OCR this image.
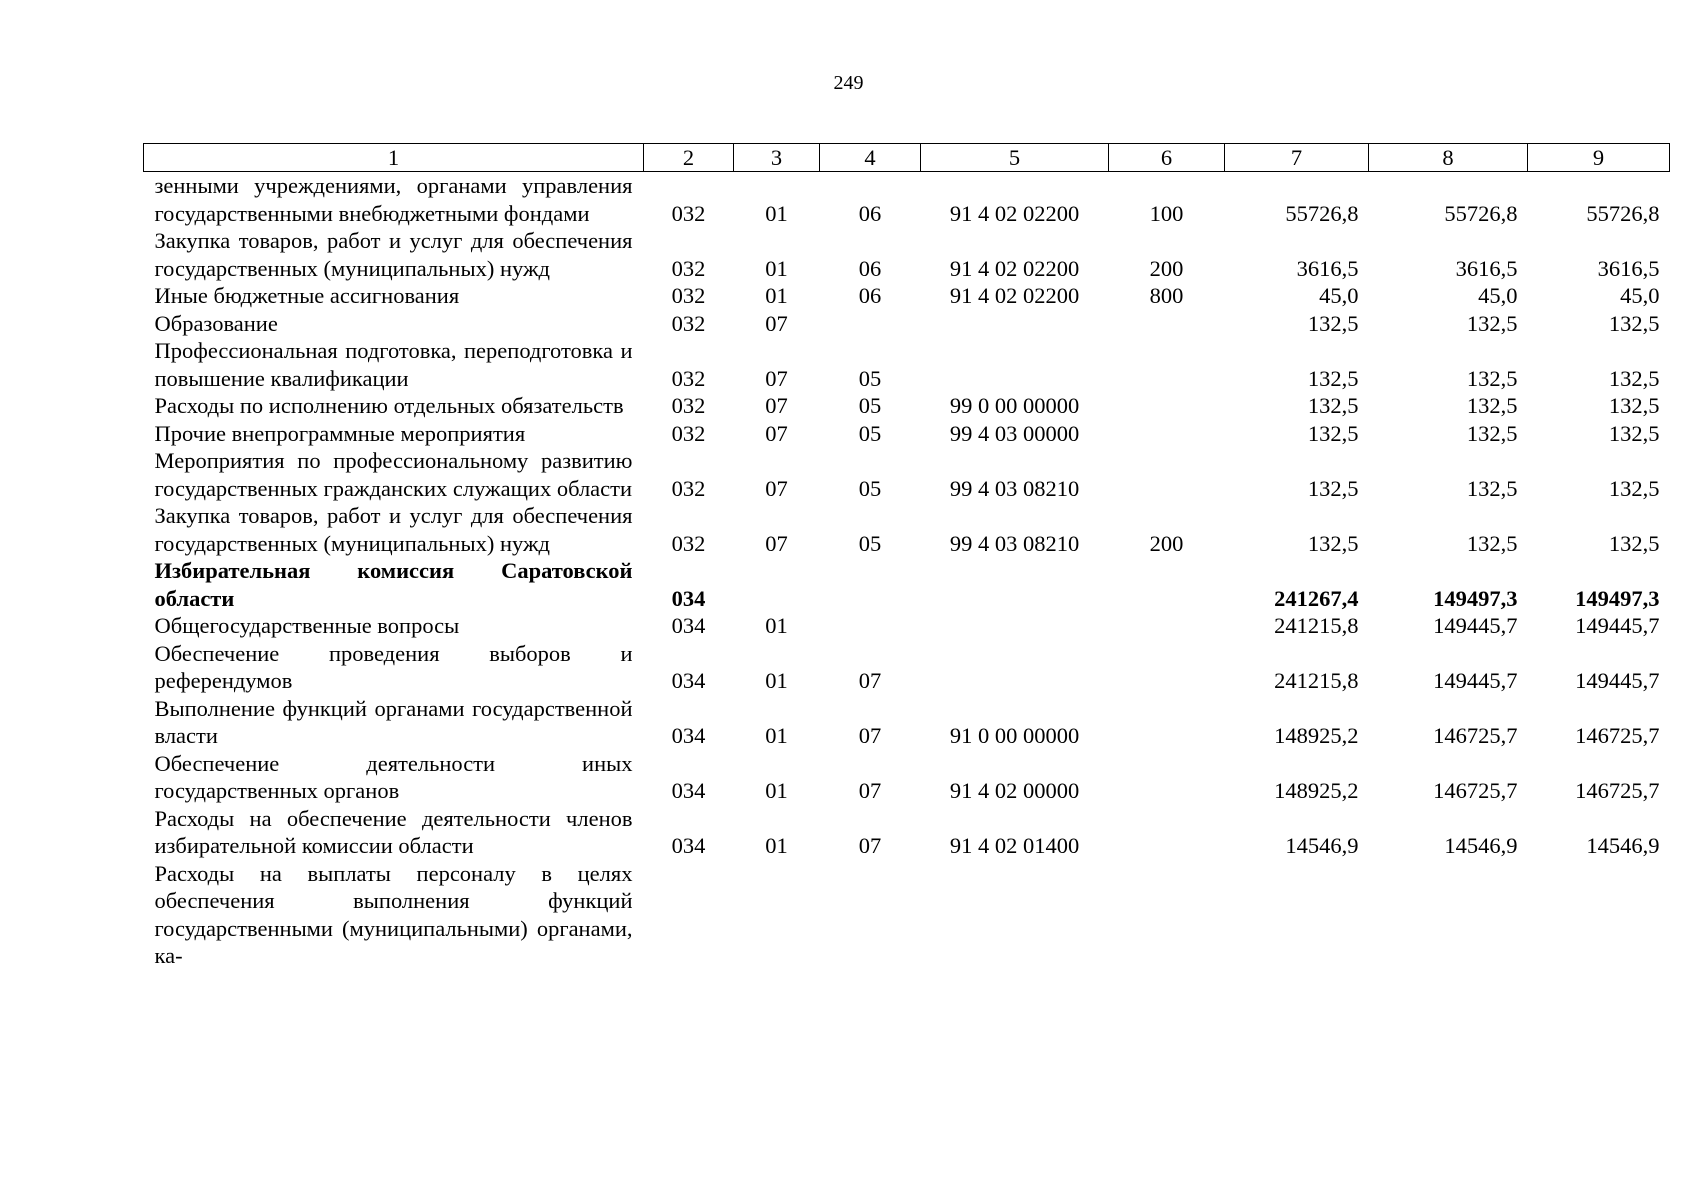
249
1	2	3	4	5	6	7	8	9
зенными учреждениями, органами управления государственными внебюджетными фондами	032	01	06	91 4 02 02200	100	55726,8	55726,8	55726,8
Закупка товаров, работ и услуг для обеспечения государственных (муниципальных) нужд	032	01	06	91 4 02 02200	200	3616,5	3616,5	3616,5
Иные бюджетные ассигнования	032	01	06	91 4 02 02200	800	45,0	45,0	45,0
Образование	032	07				132,5	132,5	132,5
Профессиональная подготовка, переподготовка и повышение квалификации	032	07	05			132,5	132,5	132,5
Расходы по исполнению отдельных обязательств	032	07	05	99 0 00 00000		132,5	132,5	132,5
Прочие внепрограммные мероприятия	032	07	05	99 4 03 00000		132,5	132,5	132,5
Мероприятия по профессиональному развитию государственных гражданских служащих области	032	07	05	99 4 03 08210		132,5	132,5	132,5
Закупка товаров, работ и услуг для обеспечения государственных (муниципальных) нужд	032	07	05	99 4 03 08210	200	132,5	132,5	132,5
Избирательная комиссия Саратовской области	034					241267,4	149497,3	149497,3
Общегосударственные вопросы	034	01				241215,8	149445,7	149445,7
Обеспечение проведения выборов и референдумов	034	01	07			241215,8	149445,7	149445,7
Выполнение функций органами государственной власти	034	01	07	91 0 00 00000		148925,2	146725,7	146725,7
Обеспечение деятельности иных государственных органов	034	01	07	91 4 02 00000		148925,2	146725,7	146725,7
Расходы на обеспечение деятельности членов избирательной комиссии области	034	01	07	91 4 02 01400		14546,9	14546,9	14546,9
Расходы на выплаты персоналу в целях обеспечения выполнения функций государственными (муниципальными) органами, ка-								
